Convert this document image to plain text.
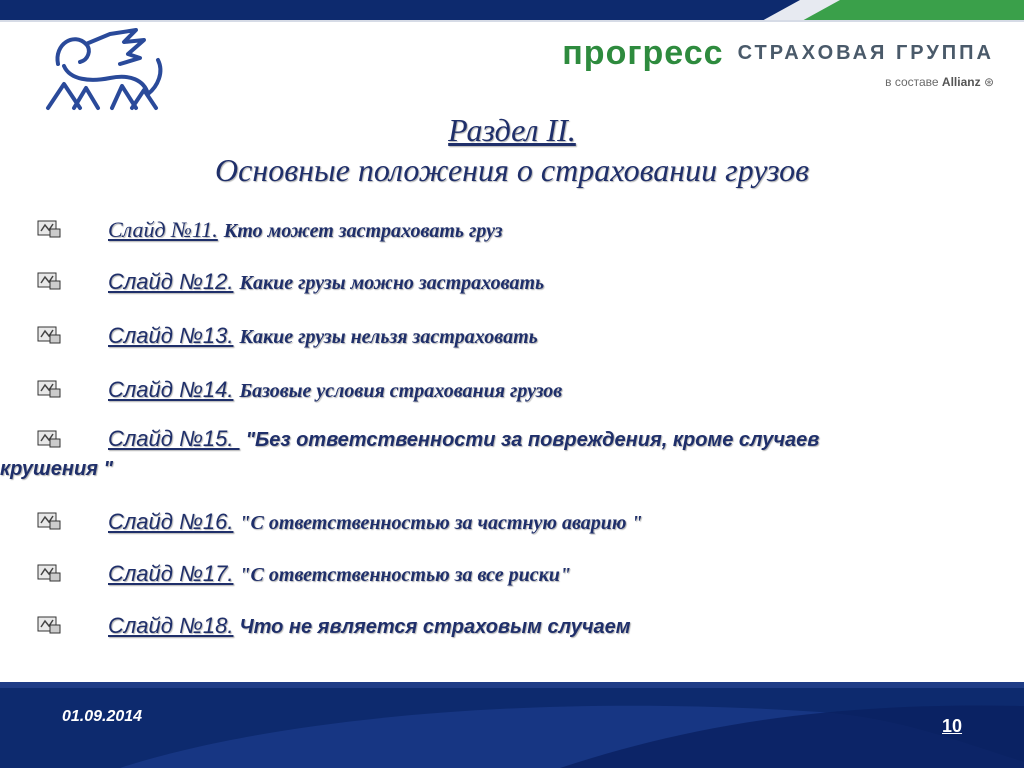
прогресс СТРАХОВАЯ ГРУППА
в составе Allianz ⊛
Раздел II.
Основные положения о страховании грузов
Слайд №11. Кто может застраховать груз
Слайд №12. Какие грузы можно застраховать
Слайд №13. Какие грузы нельзя застраховать
Слайд №14. Базовые условия страхования грузов
Слайд №15. "Без ответственности за повреждения, кроме случаев
крушения "
Слайд №16. "С ответственностью за частную аварию "
Слайд №17. "С ответственностью за все риски"
Слайд №18. Что не является страховым случаем
01.09.2014	10
